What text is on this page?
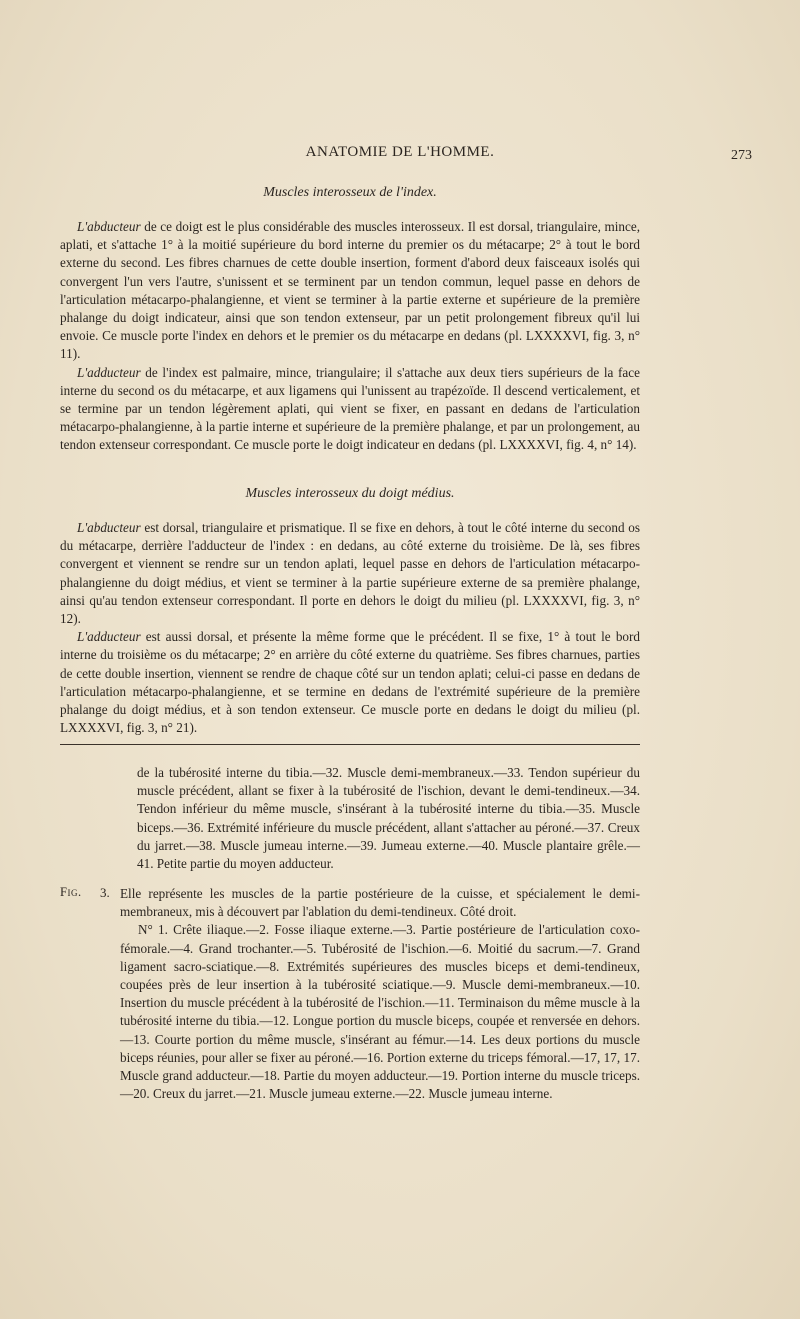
ANATOMIE DE L'HOMME.	273

Muscles interosseux de l'index.

L'abducteur de ce doigt est le plus considérable des muscles interosseux. Il est dorsal, triangulaire, mince, aplati, et s'attache 1° à la moitié supérieure du bord interne du premier os du métacarpe; 2° à tout le bord externe du second. Les fibres charnues de cette double insertion, forment d'abord deux faisceaux isolés qui convergent l'un vers l'autre, s'unissent et se terminent par un tendon commun, lequel passe en dehors de l'articulation métacarpo-phalangienne, et vient se terminer à la partie externe et supérieure de la première phalange du doigt indicateur, ainsi que son tendon extenseur, par un petit prolongement fibreux qu'il lui envoie. Ce muscle porte l'index en dehors et le premier os du métacarpe en dedans (pl. LXXXXVI, fig. 3, n° 11).

L'adducteur de l'index est palmaire, mince, triangulaire; il s'attache aux deux tiers supérieurs de la face interne du second os du métacarpe, et aux ligamens qui l'unissent au trapézoïde. Il descend verticalement, et se termine par un tendon légèrement aplati, qui vient se fixer, en passant en dedans de l'articulation métacarpo-phalangienne, à la partie interne et supérieure de la première phalange, et par un prolongement, au tendon extenseur correspondant. Ce muscle porte le doigt indicateur en dedans (pl. LXXXXVI, fig. 4, n° 14).

Muscles interosseux du doigt médius.

L'abducteur est dorsal, triangulaire et prismatique. Il se fixe en dehors, à tout le côté interne du second os du métacarpe, derrière l'adducteur de l'index : en dedans, au côté externe du troisième. De là, ses fibres convergent et viennent se rendre sur un tendon aplati, lequel passe en dehors de l'articulation métacarpo-phalangienne du doigt médius, et vient se terminer à la partie supérieure externe de sa première phalange, ainsi qu'au tendon extenseur correspondant. Il porte en dehors le doigt du milieu (pl. LXXXXVI, fig. 3, n° 12).

L'adducteur est aussi dorsal, et présente la même forme que le précédent. Il se fixe, 1° à tout le bord interne du troisième os du métacarpe; 2° en arrière du côté externe du quatrième. Ses fibres charnues, parties de cette double insertion, viennent se rendre de chaque côté sur un tendon aplati; celui-ci passe en dedans de l'articulation métacarpo-phalangienne, et se termine en dedans de l'extrémité supérieure de la première phalange du doigt médius, et à son tendon extenseur. Ce muscle porte en dedans le doigt du milieu (pl. LXXXXVI, fig. 3, n° 21).

de la tubérosité interne du tibia.—32. Muscle demi-membraneux.—33. Tendon supérieur du muscle précédent, allant se fixer à la tubérosité de l'ischion, devant le demi-tendineux.—34. Tendon inférieur du même muscle, s'insérant à la tubérosité interne du tibia.—35. Muscle biceps.—36. Extrémité inférieure du muscle précédent, allant s'attacher au péroné.—37. Creux du jarret.—38. Muscle jumeau interne.—39. Jumeau externe.—40. Muscle plantaire grêle.—41. Petite partie du moyen adducteur.

Fig. 3. Elle représente les muscles de la partie postérieure de la cuisse, et spécialement le demi-membraneux, mis à découvert par l'ablation du demi-tendineux. Côté droit.

N° 1. Crête iliaque.—2. Fosse iliaque externe.—3. Partie postérieure de l'articulation coxo-fémorale.—4. Grand trochanter.—5. Tubérosité de l'ischion.—6. Moitié du sacrum.—7. Grand ligament sacro-sciatique.—8. Extrémités supérieures des muscles biceps et demi-tendineux, coupées près de leur insertion à la tubérosité sciatique.—9. Muscle demi-membraneux.—10. Insertion du muscle précédent à la tubérosité de l'ischion.—11. Terminaison du même muscle à la tubérosité interne du tibia.—12. Longue portion du muscle biceps, coupée et renversée en dehors.—13. Courte portion du même muscle, s'insérant au fémur.—14. Les deux portions du muscle biceps réunies, pour aller se fixer au péroné.—16. Portion externe du triceps fémoral.—17, 17, 17. Muscle grand adducteur.—18. Partie du moyen adducteur.—19. Portion interne du muscle triceps.—20. Creux du jarret.—21. Muscle jumeau externe.—22. Muscle jumeau interne.
